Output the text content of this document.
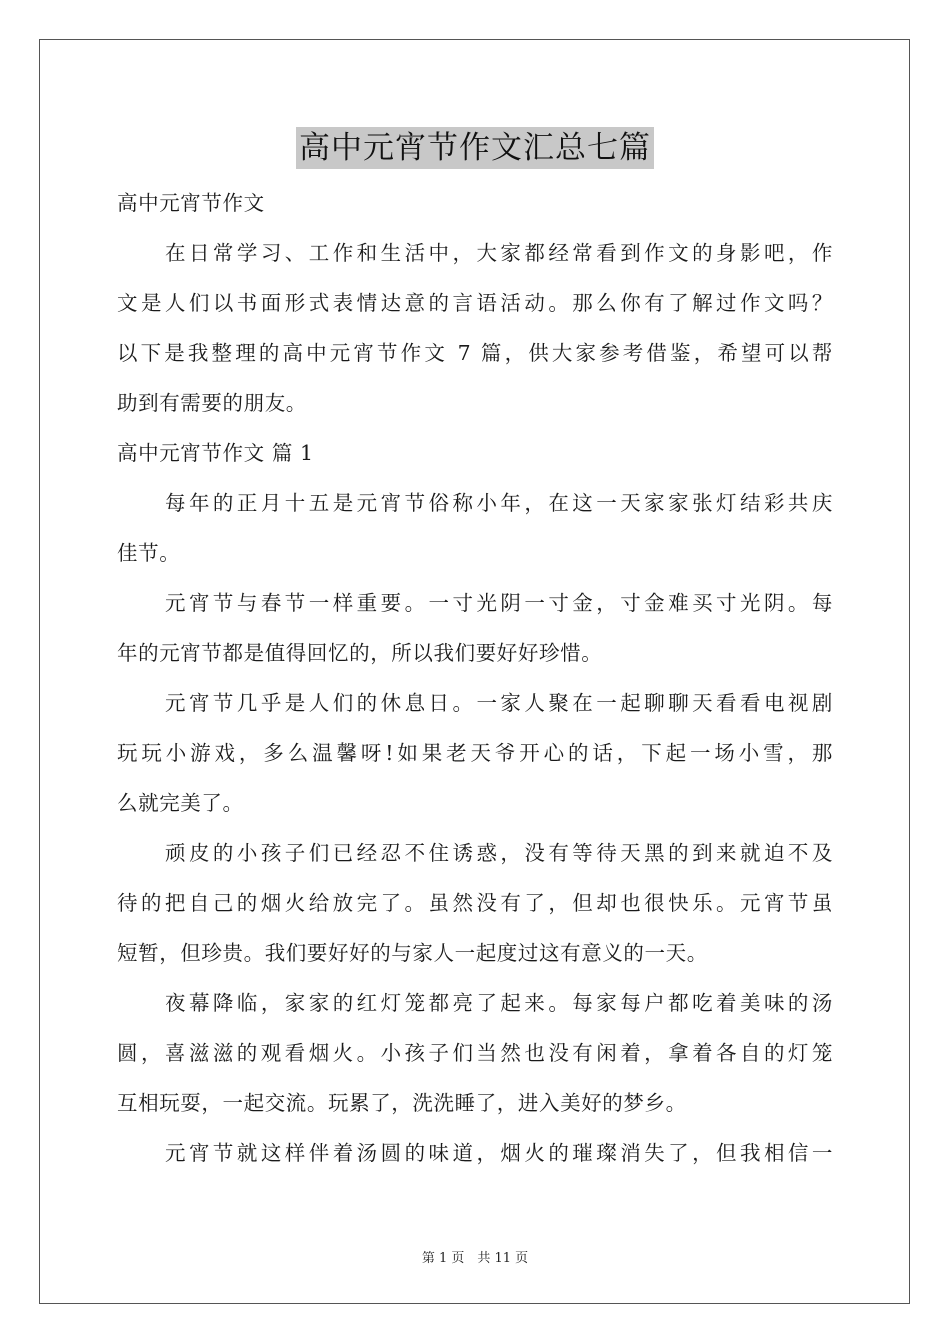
高中元宵节作文汇总七篇
高中元宵节作文
在日常学习、工作和生活中，大家都经常看到作文的身影吧，作
文是人们以书面形式表情达意的言语活动。那么你有了解过作文吗？
以下是我整理的高中元宵节作文 7 篇，供大家参考借鉴，希望可以帮
助到有需要的朋友。
高中元宵节作文 篇 1
每年的正月十五是元宵节俗称小年，在这一天家家张灯结彩共庆
佳节。
元宵节与春节一样重要。一寸光阴一寸金，寸金难买寸光阴。每
年的元宵节都是值得回忆的，所以我们要好好珍惜。
元宵节几乎是人们的休息日。一家人聚在一起聊聊天看看电视剧
玩玩小游戏，多么温馨呀!如果老天爷开心的话，下起一场小雪，那
么就完美了。
顽皮的小孩子们已经忍不住诱惑，没有等待天黑的到来就迫不及
待的把自己的烟火给放完了。虽然没有了，但却也很快乐。元宵节虽
短暂，但珍贵。我们要好好的与家人一起度过这有意义的一天。
夜幕降临，家家的红灯笼都亮了起来。每家每户都吃着美味的汤
圆，喜滋滋的观看烟火。小孩子们当然也没有闲着，拿着各自的灯笼
互相玩耍，一起交流。玩累了，洗洗睡了，进入美好的梦乡。
元宵节就这样伴着汤圆的味道，烟火的璀璨消失了，但我相信一
第 1 页　共 11 页
